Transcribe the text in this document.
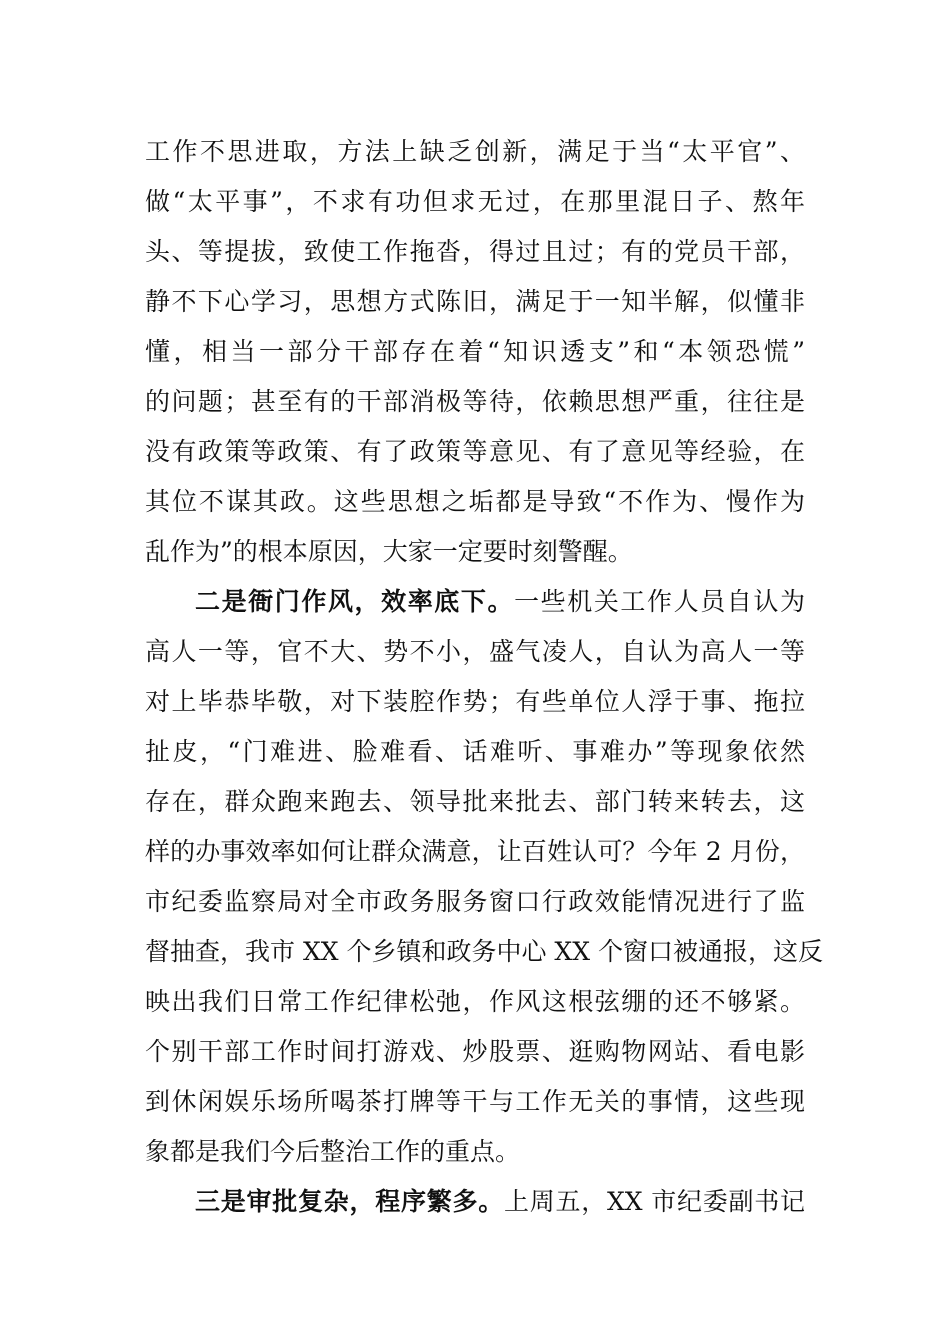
工作不思进取，方法上缺乏创新，满足于当“太平官”、
做“太平事”，不求有功但求无过，在那里混日子、熬年
头、等提拔，致使工作拖沓，得过且过；有的党员干部，
静不下心学习，思想方式陈旧，满足于一知半解，似懂非
懂，相当一部分干部存在着“知识透支”和“本领恐慌”
的问题；甚至有的干部消极等待，依赖思想严重，往往是
没有政策等政策、有了政策等意见、有了意见等经验，在
其位不谋其政。这些思想之垢都是导致“不作为、慢作为
乱作为”的根本原因，大家一定要时刻警醒。
二是衙门作风，效率底下。一些机关工作人员自认为
高人一等，官不大、势不小，盛气凌人，自认为高人一等
对上毕恭毕敬，对下装腔作势；有些单位人浮于事、拖拉
扯皮，“门难进、脸难看、话难听、事难办”等现象依然
存在，群众跑来跑去、领导批来批去、部门转来转去，这
样的办事效率如何让群众满意，让百姓认可？今年 2 月份，
市纪委监察局对全市政务服务窗口行政效能情况进行了监
督抽查，我市 XX 个乡镇和政务中心 XX 个窗口被通报，这反
映出我们日常工作纪律松弛，作风这根弦绷的还不够紧。
个别干部工作时间打游戏、炒股票、逛购物网站、看电影
到休闲娱乐场所喝茶打牌等干与工作无关的事情，这些现
象都是我们今后整治工作的重点。
三是审批复杂，程序繁多。上周五，XX 市纪委副书记
